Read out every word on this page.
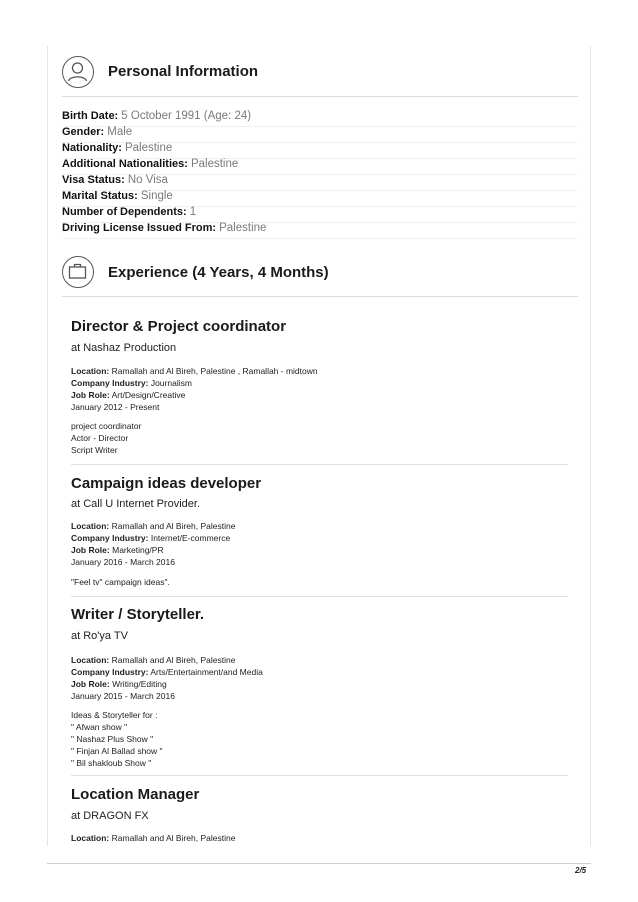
Personal Information
Birth Date: 5 October 1991 (Age: 24)
Gender: Male
Nationality: Palestine
Additional Nationalities: Palestine
Visa Status: No Visa
Marital Status: Single
Number of Dependents: 1
Driving License Issued From: Palestine
Experience (4 Years, 4 Months)
Director & Project coordinator
at Nashaz Production
Location: Ramallah and Al Bireh, Palestine , Ramallah - midtown
Company Industry: Journalism
Job Role: Art/Design/Creative
January 2012 - Present
project coordinator
Actor - Director
Script Writer
Campaign ideas developer
at Call U Internet Provider.
Location: Ramallah and Al Bireh, Palestine
Company Industry: Internet/E-commerce
Job Role: Marketing/PR
January 2016 - March 2016
"Feel tv" campaign ideas".
Writer / Storyteller.
at Ro'ya TV
Location: Ramallah and Al Bireh, Palestine
Company Industry: Arts/Entertainment/and Media
Job Role: Writing/Editing
January 2015 - March 2016
Ideas & Storyteller for :
" Afwan show "
" Nashaz Plus Show "
" Finjan Al Ballad show "
" Bil shakloub Show "
Location Manager
at DRAGON FX
Location: Ramallah and Al Bireh, Palestine
2/5
